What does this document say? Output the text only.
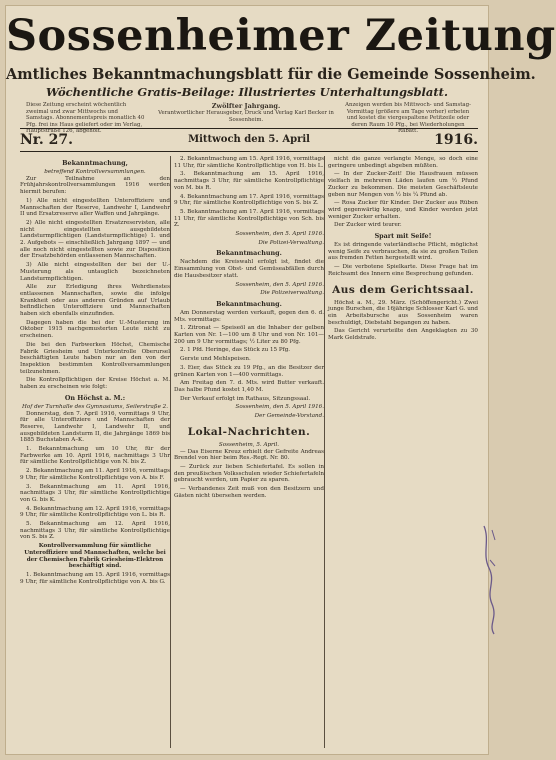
Sossenheimer Zeitung
Amtliches Bekanntmachungsblatt für die Gemeinde Sossenheim.
Wöchentliche Gratis-Beilage: Illustriertes Unterhaltungsblatt.
Diese Zeitung erscheint wöchentlich zweimal und zwar Mittwochs und Samstags. Abonnementspreis monatlich 40 Pfg. frei ins Haus geliefert oder im Verlag, Hauptstraße 126, abgeholt.
Zwölfter Jahrgang.
Verantwortlicher Herausgeber, Druck und Verlag Karl Becker in Sossenheim.
Anzeigen werden bis Mittwoch- und Samstag-Vormittag (größere am Tage vorher) erbeten und kostet die viergespaltene Petitzeile oder deren Raum 10 Pfg., bei Wiederholungen Rabatt.
Nr. 27.	Mittwoch den 5. April	1916.
Bekanntmachung,
betreffend Kontrollversammlungen.

Zur Teilnahme an den Frühjahrskontrollversammlungen 1916 werden hiermit berufen:

1) Alle nicht eingestellten Unteroffiziere und Mannschaften der Reserve, Landwehr I, Landwehr II und Ersatzreserve aller Waffen und Jahrgänge.

2) Alle nicht eingestellten Ersatzreservisten, alle nicht eingestellten ausgebildeten Landsturmpflichtigen (Landsturmpflichtige) 1. und 2. Aufgebots — einschließlich Jahrgang 1897 — und alle noch nicht eingestellten sowie zur Disposition der Ersatzbehörden entlassenen Mannschaften.

3) Alle nicht eingestellten der bei der U.-Musterung als untauglich bezeichneten Landsturmpflichtigen.

Alle zur Erledigung ihres Wehrdienstes entlassenen Mannschaften, sowie die infolge Krankheit oder aus anderen Gründen auf Urlaub befindlichen Unteroffiziere und Mannschaften haben sich ebenfalls einzufinden.

Dagegen haben die bei der U.-Musterung im Oktober 1915 nachgemusterten Leute nicht zu erscheinen.

Die bei den Farbwerken Höchst, Chemische Fabrik Griesheim und Unterkontrolle Oberursel beschäftigten Leute haben nur an den von der Inspektion bestimmten Kontrollversammlungen teilzunehmen.

Die Kontrollpflichtigen der Kreise Höchst a. M. haben zu erscheinen wie folgt:

On Höchst a. M.:
Hof der Turnhalle des Gymnasiums, Seilerstraße 2.

Donnerstag, den 7. April 1916, vormittags 9 Uhr, für alle Unteroffiziere und Mannschaften der Reserve, Landwehr I, Landwehr II, und ausgebildeten Landsturm II, die Jahrgänge 1869 bis 1885 Buchstaben A–K.

1. Bekanntmachung um 10 Uhr, für der Farbwerke am 10. April 1916, nachmittags 3 Uhr für sämtliche Kontrollpflichtige von N. bis Z.

2. Bekanntmachung am 11. April 1916, vormittags 9 Uhr, für sämtliche Kontrollpflichtige von A. bis F.

3. Bekanntmachung am 11. April 1916, nachmittags 3 Uhr, für sämtliche Kontrollpflichtige von G. bis K.

4. Bekanntmachung am 12. April 1916, vormittags 9 Uhr, für sämtliche Kontrollpflichtige von L. bis R.

5. Bekanntmachung am 12. April 1916, nachmittags 3 Uhr, für sämtliche Kontrollpflichtige von S. bis Z.

Kontrollversammlung für sämtliche Unteroffiziere und Mannschaften, welche bei der Chemischen Fabrik Griesheim-Elektron beschäftigt sind.

1. Bekanntmachung am 15. April 1916, vormittags 9 Uhr, für sämtliche Kontrollpflichtige von A. bis G.

2. Bekanntmachung am 15. April 1916, vormittags 11 Uhr, für sämtliche Kontrollpflichtige von H. bis L.

3. Bekanntmachung am 15. April 1916, nachmittags 3 Uhr, für sämtliche Kontrollpflichtige von M. bis R.

4. Bekanntmachung am 17. April 1916, vormittags 9 Uhr, für sämtliche Kontrollpflichtige von S. bis Z.

5. Bekanntmachung am 17. April 1916, vormittags 11 Uhr, für sämtliche Kontrollpflichtige von Sch. bis Z.

Sossenheim, den 5. April 1916.

Die Polizei-Verwaltung.

Bekanntmachung.

Nachdem die Kreiswahl erfolgt ist, findet die Einsammlung von Obst- und Gemüseabfällen durch die Hausbesitzer statt.

Sossenheim, den 5. April 1916.

Die Polizeiverwaltung.

Bekanntmachung.

Am Donnerstag werden verkauft, gegen den 6. d. Mts. vormittags:

1. Zitronat — Speiseöl an die Inhaber der gelben Karten von Nr. 1—100 um 8 Uhr und von Nr. 101—200 um 9 Uhr vormittags; ½ Liter zu 80 Pfg.

2. 1 Pfd. Heringe, das Stück zu 15 Pfg.

Gerste und Mehlspeisen.

3. Eier, das Stück zu 19 Pfg., an die Besitzer der grünen Karten von 1—400 vormittags.

Am Freitag den 7. d. Mts. wird Butter verkauft. Das halbe Pfund kostet 1,40 M.

Der Verkauf erfolgt im Rathaus, Sitzungssaal.

Sossenheim, den 5. April 1916.

Der Gemeinde-Vorstand.

Lokal-Nachrichten.
Sossenheim, 5. April.

— Das Eiserne Kreuz erhielt der Gefreite Andreas Brendel von hier beim Res.-Regt. Nr. 80.

— Zurück zur lieben Schiefertafel. Es sollen in den preußischen Volksschulen wieder Schiefertafeln gebraucht werden, um Papier zu sparen.

— Verbandenes Zeit muß von den Besitzern und Gästen nicht übersehen werden.

nicht die ganze verlangte Menge, so doch eine geringere unbedingt abgeben müßten.

— In der Zucker-Zeit! Die Hausfrauen müssen vielfach in mehreren Läden laufen um ½ Pfund Zucker zu bekommen. Die meisten Geschäftsleute geben nur Mengen von ½ bis ¼ Pfund ab.

— Rosa Zucker für Kinder. Der Zucker aus Rüben wird gegenwärtig knapp, und Kinder werden jetzt weniger Zucker erhalten.

Der Zucker wird teurer.

Spart mit Seife!

Es ist dringende vaterländische Pflicht, möglichst wenig Seife zu verbrauchen, da sie zu großen Teilen aus fremden Fetten hergestellt wird.

— Die verbotene Spielkarte. Diese Frage hat im Reichsamt des Innern eine Besprechung gefunden.

Aus dem Gerichtssaal.

Höchst a. M., 29. März. (Schöffengericht.) Zwei junge Burschen, die 16jährige Schlosser Karl G. und ein Arbeitsbursche aus Sossenheim waren beschuldigt, Diebstahl begangen zu haben.

Das Gericht verurteilte den Angeklagten zu 30 Mark Geldstrafe.
